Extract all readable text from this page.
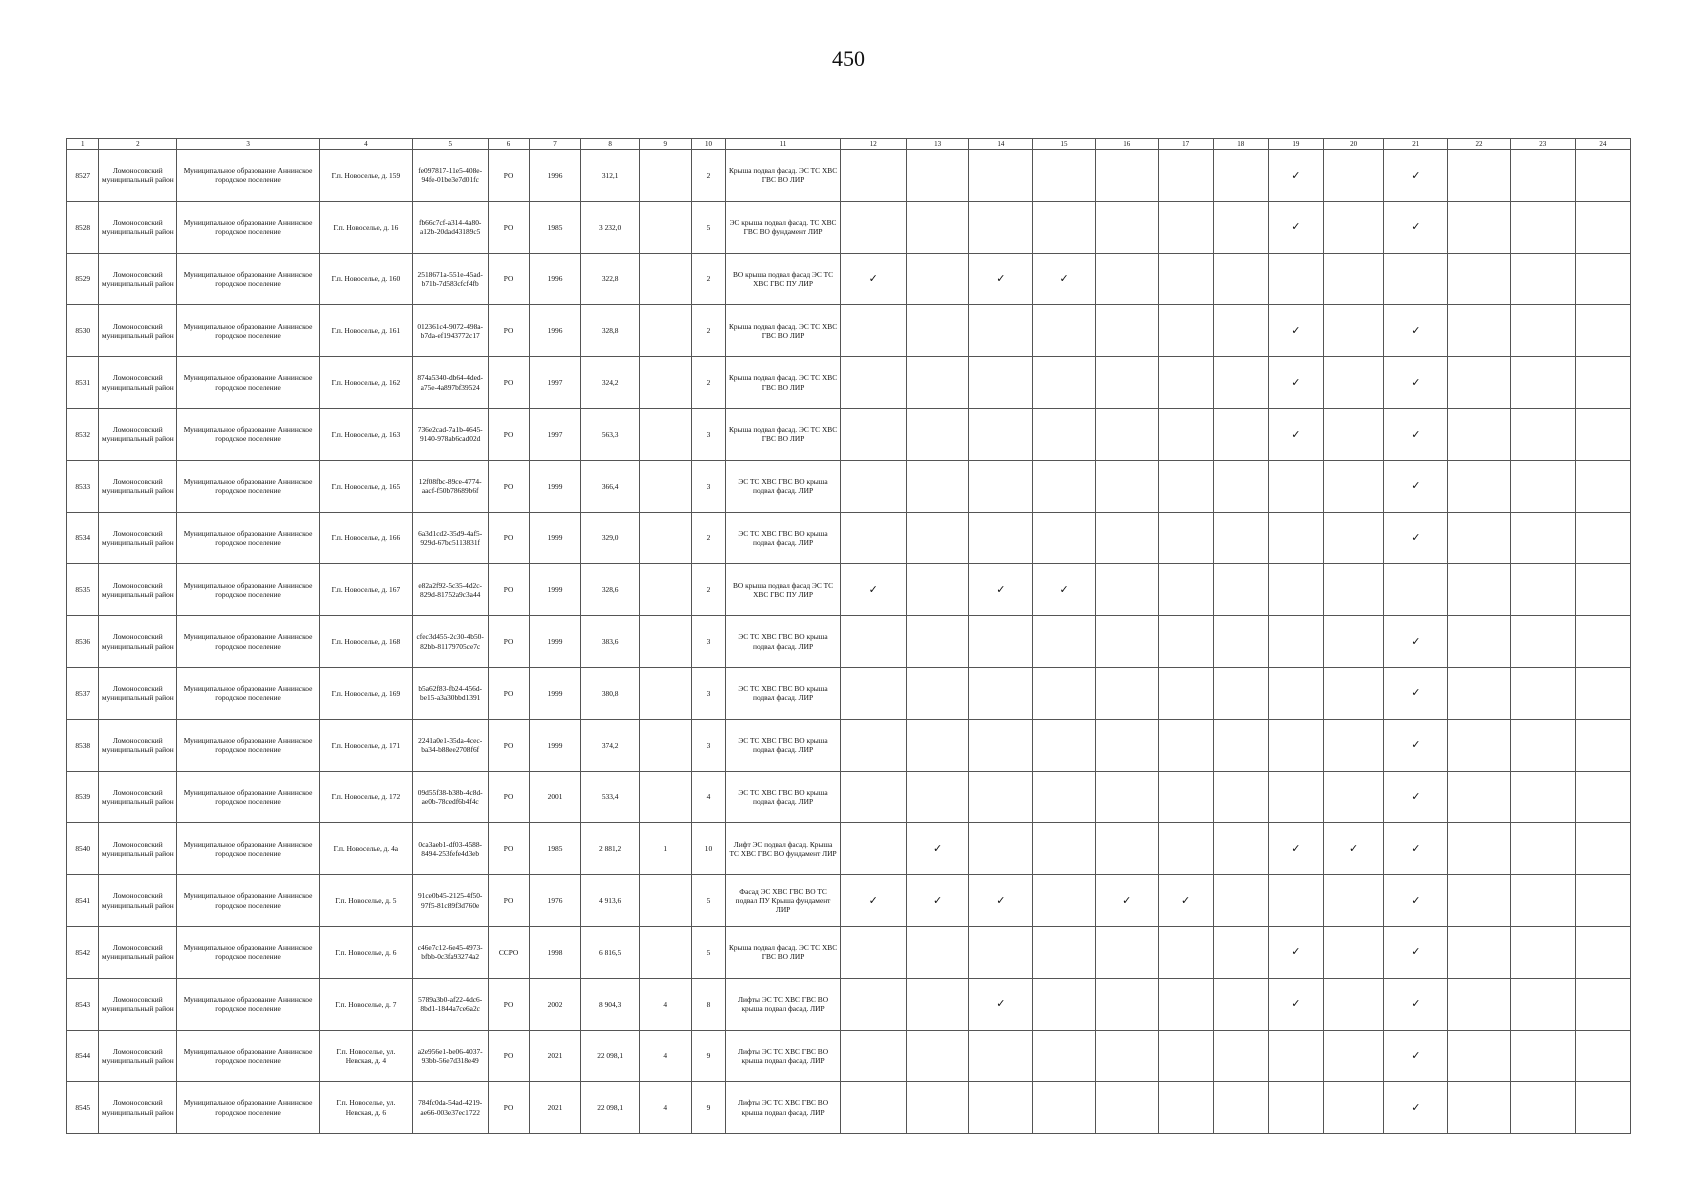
450
1	2	3	4	5	6	7	8	9	10	11	12	13	14	15	16	17	18	19	20	21	22	23	24
8527	Ломоносовский муниципальный район	Муниципальное образование Аннинское городское поселение	Г.п. Новоселье, д. 159	fe097817-11e5-408e-94fe-01be3e7d01fc	РО	1996	312,1		2	Крыша подвал фасад. ЭС ТС ХВС ГВС ВО ЛИР								✓		✓			
8528	Ломоносовский муниципальный район	Муниципальное образование Аннинское городское поселение	Г.п. Новоселье, д. 16	fb66c7cf-a314-4a80-a12b-20dad43189c5	РО	1985	3 232,0		5	ЭС крыша подвал фасад. ТС ХВС ГВС ВО фундамент ЛИР								✓		✓			
8529	Ломоносовский муниципальный район	Муниципальное образование Аннинское городское поселение	Г.п. Новоселье, д. 160	2518671a-551e-45ad-b71b-7d583cfcf4fb	РО	1996	322,8		2	ВО крыша подвал фасад ЭС ТС ХВС ГВС ПУ ЛИР	✓		✓	✓									
8530	Ломоносовский муниципальный район	Муниципальное образование Аннинское городское поселение	Г.п. Новоселье, д. 161	012361c4-9072-498a-b7da-ef1943772c17	РО	1996	328,8		2	Крыша подвал фасад. ЭС ТС ХВС ГВС ВО ЛИР								✓		✓			
8531	Ломоносовский муниципальный район	Муниципальное образование Аннинское городское поселение	Г.п. Новоселье, д. 162	874a5340-db64-4ded-a75e-4a897bf39524	РО	1997	324,2		2	Крыша подвал фасад. ЭС ТС ХВС ГВС ВО ЛИР								✓		✓			
8532	Ломоносовский муниципальный район	Муниципальное образование Аннинское городское поселение	Г.п. Новоселье, д. 163	736e2cad-7a1b-4645-9140-978ab6cad02d	РО	1997	563,3		3	Крыша подвал фасад. ЭС ТС ХВС ГВС ВО ЛИР								✓		✓			
8533	Ломоносовский муниципальный район	Муниципальное образование Аннинское городское поселение	Г.п. Новоселье, д. 165	12f08fbc-89ce-4774-aacf-f50b78689b6f	РО	1999	366,4		3	ЭС ТС ХВС ГВС ВО крыша подвал фасад. ЛИР										✓			
8534	Ломоносовский муниципальный район	Муниципальное образование Аннинское городское поселение	Г.п. Новоселье, д. 166	6a3d1cd2-35d9-4af5-929d-67bc5113831f	РО	1999	329,0		2	ЭС ТС ХВС ГВС ВО крыша подвал фасад. ЛИР										✓			
8535	Ломоносовский муниципальный район	Муниципальное образование Аннинское городское поселение	Г.п. Новоселье, д. 167	e82a2f92-5c35-4d2c-829d-81752a9c3a44	РО	1999	328,6		2	ВО крыша подвал фасад ЭС ТС ХВС ГВС ПУ ЛИР	✓		✓	✓									
8536	Ломоносовский муниципальный район	Муниципальное образование Аннинское городское поселение	Г.п. Новоселье, д. 168	cfec3d455-2c30-4b50-82bb-81179705ce7c	РО	1999	383,6		3	ЭС ТС ХВС ГВС ВО крыша подвал фасад. ЛИР										✓			
8537	Ломоносовский муниципальный район	Муниципальное образование Аннинское городское поселение	Г.п. Новоселье, д. 169	b5a62f83-fb24-456d-be15-a3a30bbd1391	РО	1999	380,8		3	ЭС ТС ХВС ГВС ВО крыша подвал фасад. ЛИР										✓			
8538	Ломоносовский муниципальный район	Муниципальное образование Аннинское городское поселение	Г.п. Новоселье, д. 171	2241a0e1-35da-4cec-ba34-b88ee2708f6f	РО	1999	374,2		3	ЭС ТС ХВС ГВС ВО крыша подвал фасад. ЛИР										✓			
8539	Ломоносовский муниципальный район	Муниципальное образование Аннинское городское поселение	Г.п. Новоселье, д. 172	09d55f38-b38b-4c8d-ae0b-78cedf6b4f4c	РО	2001	533,4		4	ЭС ТС ХВС ГВС ВО крыша подвал фасад. ЛИР										✓			
8540	Ломоносовский муниципальный район	Муниципальное образование Аннинское городское поселение	Г.п. Новоселье, д. 4а	0ca3aeb1-df03-4588-8494-253fefe4d3eb	РО	1985	2 881,2	1	10	Лифт ЭС подвал фасад. Крыша ТС ХВС ГВС ВО фундамент ЛИР		✓						✓	✓	✓			
8541	Ломоносовский муниципальный район	Муниципальное образование Аннинское городское поселение	Г.п. Новоселье, д. 5	91ce0b45-2125-4f50-97f5-81c89f3d760e	РО	1976	4 913,6		5	Фасад ЭС ХВС ГВС ВО ТС подвал ПУ Крыша фундамент ЛИР	✓	✓	✓		✓	✓				✓			
8542	Ломоносовский муниципальный район	Муниципальное образование Аннинское городское поселение	Г.п. Новоселье, д. 6	c46e7c12-6e45-4973-bfbb-0c3fa93274a2	ССРО	1998	6 816,5		5	Крыша подвал фасад. ЭС ТС ХВС ГВС ВО ЛИР								✓		✓			
8543	Ломоносовский муниципальный район	Муниципальное образование Аннинское городское поселение	Г.п. Новоселье, д. 7	5789a3b0-af22-4dc6-8bd1-1844a7ce6a2c	РО	2002	8 904,3	4	8	Лифты ЭС ТС ХВС ГВС ВО крыша подвал фасад. ЛИР			✓					✓		✓			
8544	Ломоносовский муниципальный район	Муниципальное образование Аннинское городское поселение	Г.п. Новоселье, ул. Невская, д. 4	a2e956e1-be06-4037-93bb-56e7d318e49	РО	2021	22 098,1	4	9	Лифты ЭС ТС ХВС ГВС ВО крыша подвал фасад. ЛИР										✓			
8545	Ломоносовский муниципальный район	Муниципальное образование Аннинское городское поселение	Г.п. Новоселье, ул. Невская, д. 6	784fc0da-54ad-4219-ae66-003e37ec1722	РО	2021	22 098,1	4	9	Лифты ЭС ТС ХВС ГВС ВО крыша подвал фасад. ЛИР										✓			
